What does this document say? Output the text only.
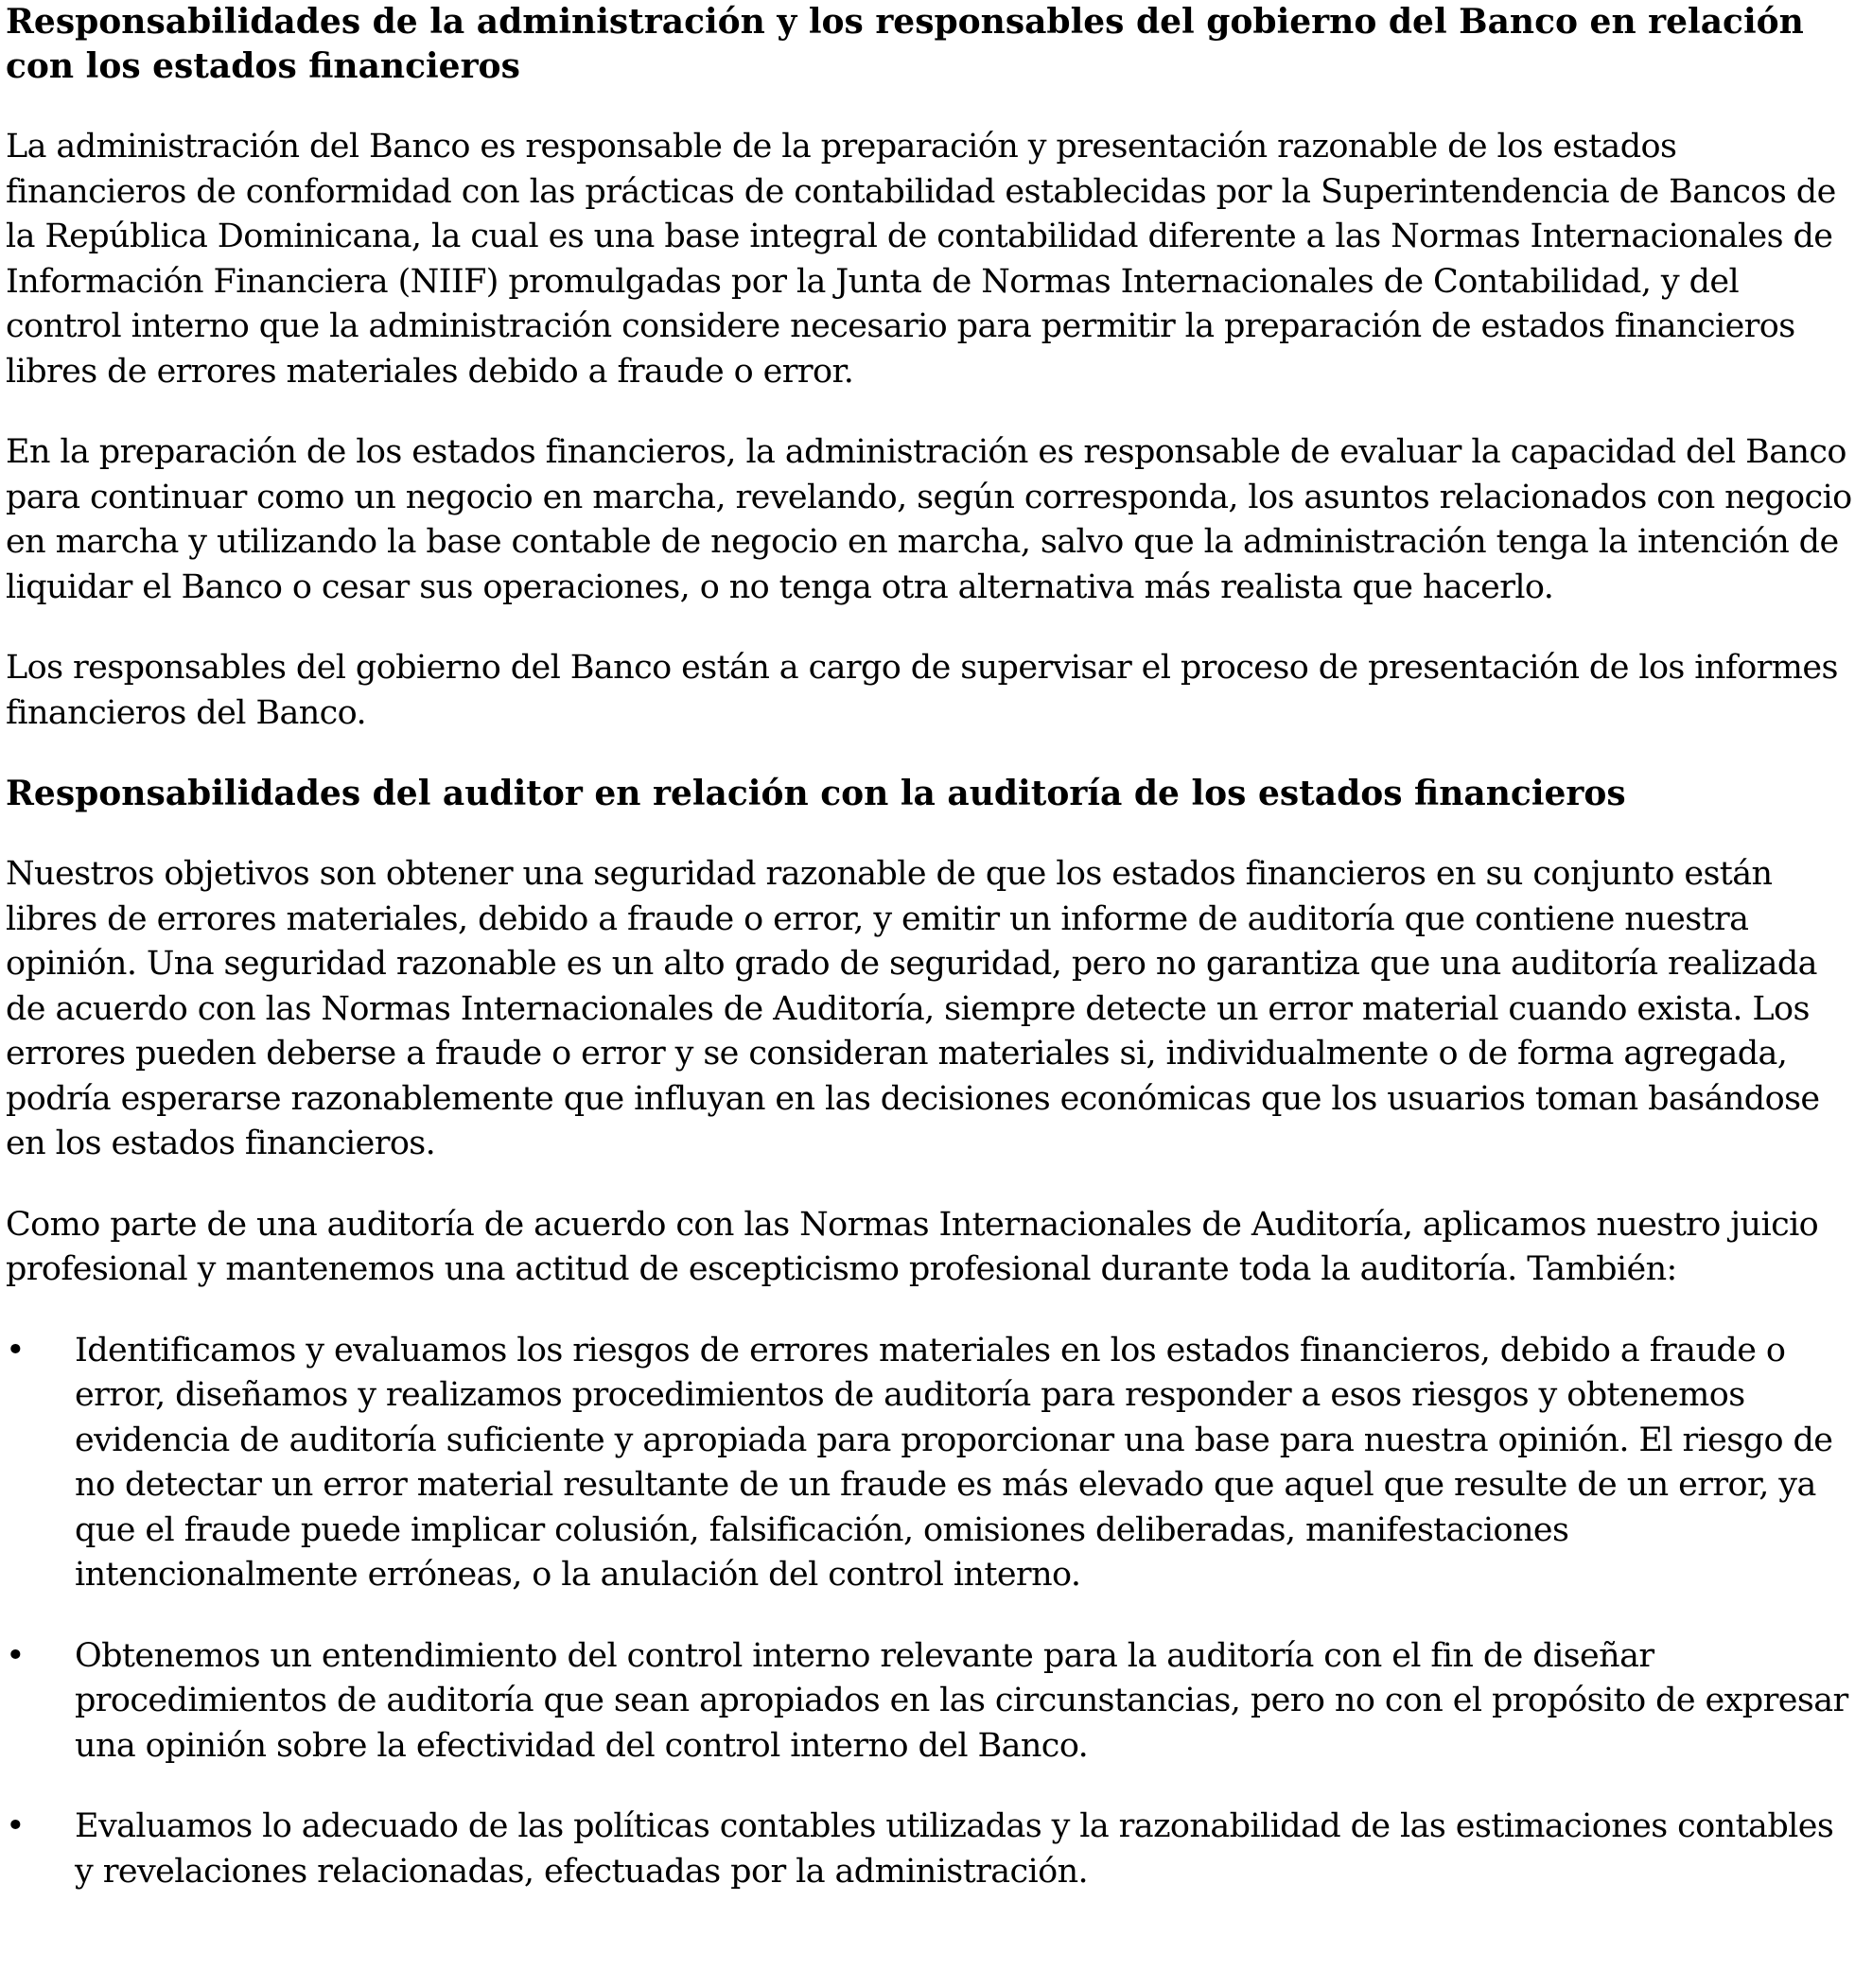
Responsabilidades de la administración y los responsables del gobierno del Banco en relación con los estados financieros

La administración del Banco es responsable de la preparación y presentación razonable de los estados financieros de conformidad con las prácticas de contabilidad establecidas por la Superintendencia de Bancos de la República Dominicana, la cual es una base integral de contabilidad diferente a las Normas Internacionales de Información Financiera (NIIF) promulgadas por la Junta de Normas Internacionales de Contabilidad, y del control interno que la administración considere necesario para permitir la preparación de estados financieros libres de errores materiales debido a fraude o error.

En la preparación de los estados financieros, la administración es responsable de evaluar la capacidad del Banco para continuar como un negocio en marcha, revelando, según corresponda, los asuntos relacionados con negocio en marcha y utilizando la base contable de negocio en marcha, salvo que la administración tenga la intención de liquidar el Banco o cesar sus operaciones, o no tenga otra alternativa más realista que hacerlo.

Los responsables del gobierno del Banco están a cargo de supervisar el proceso de presentación de los informes financieros del Banco.

Responsabilidades del auditor en relación con la auditoría de los estados financieros

Nuestros objetivos son obtener una seguridad razonable de que los estados financieros en su conjunto están libres de errores materiales, debido a fraude o error, y emitir un informe de auditoría que contiene nuestra opinión. Una seguridad razonable es un alto grado de seguridad, pero no garantiza que una auditoría realizada de acuerdo con las Normas Internacionales de Auditoría, siempre detecte un error material cuando exista. Los errores pueden deberse a fraude o error y se consideran materiales si, individualmente o de forma agregada, podría esperarse razonablemente que influyan en las decisiones económicas que los usuarios toman basándose en los estados financieros.

Como parte de una auditoría de acuerdo con las Normas Internacionales de Auditoría, aplicamos nuestro juicio profesional y mantenemos una actitud de escepticismo profesional durante toda la auditoría. También:

• Identificamos y evaluamos los riesgos de errores materiales en los estados financieros, debido a fraude o error, diseñamos y realizamos procedimientos de auditoría para responder a esos riesgos y obtenemos evidencia de auditoría suficiente y apropiada para proporcionar una base para nuestra opinión. El riesgo de no detectar un error material resultante de un fraude es más elevado que aquel que resulte de un error, ya que el fraude puede implicar colusión, falsificación, omisiones deliberadas, manifestaciones intencionalmente erróneas, o la anulación del control interno.

• Obtenemos un entendimiento del control interno relevante para la auditoría con el fin de diseñar procedimientos de auditoría que sean apropiados en las circunstancias, pero no con el propósito de expresar una opinión sobre la efectividad del control interno del Banco.

• Evaluamos lo adecuado de las políticas contables utilizadas y la razonabilidad de las estimaciones contables y revelaciones relacionadas, efectuadas por la administración.
